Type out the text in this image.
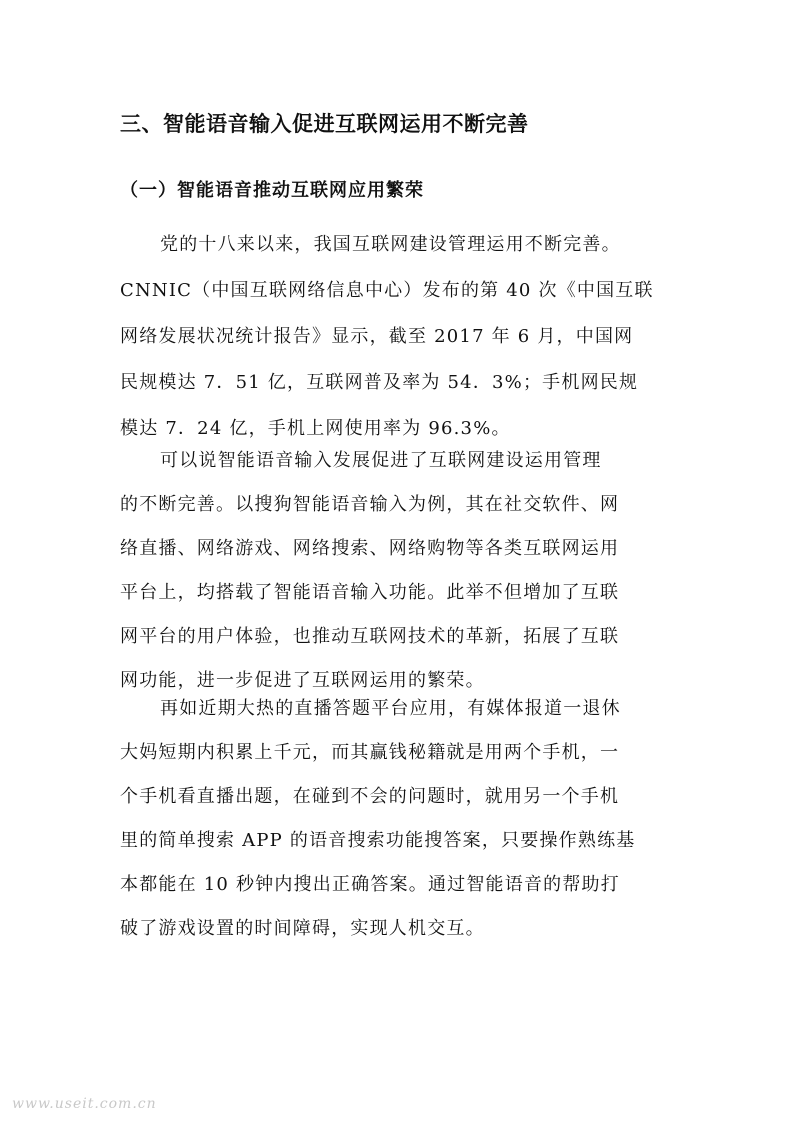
三、智能语音输入促进互联网运用不断完善
（一）智能语音推动互联网应用繁荣
党的十八来以来，我国互联网建设管理运用不断完善。
CNNIC（中国互联网络信息中心）发布的第 40 次《中国互联
网络发展状况统计报告》显示，截至 2017 年 6 月，中国网
民规模达 7．51 亿，互联网普及率为 54．3%；手机网民规
模达 7．24 亿，手机上网使用率为 96.3%。
可以说智能语音输入发展促进了互联网建设运用管理
的不断完善。以搜狗智能语音输入为例，其在社交软件、网
络直播、网络游戏、网络搜索、网络购物等各类互联网运用
平台上，均搭载了智能语音输入功能。此举不但增加了互联
网平台的用户体验，也推动互联网技术的革新，拓展了互联
网功能，进一步促进了互联网运用的繁荣。
再如近期大热的直播答题平台应用，有媒体报道一退休
大妈短期内积累上千元，而其赢钱秘籍就是用两个手机，一
个手机看直播出题，在碰到不会的问题时，就用另一个手机
里的简单搜索 APP 的语音搜索功能搜答案，只要操作熟练基
本都能在 10 秒钟内搜出正确答案。通过智能语音的帮助打
破了游戏设置的时间障碍，实现人机交互。
www.useit.com.cn
